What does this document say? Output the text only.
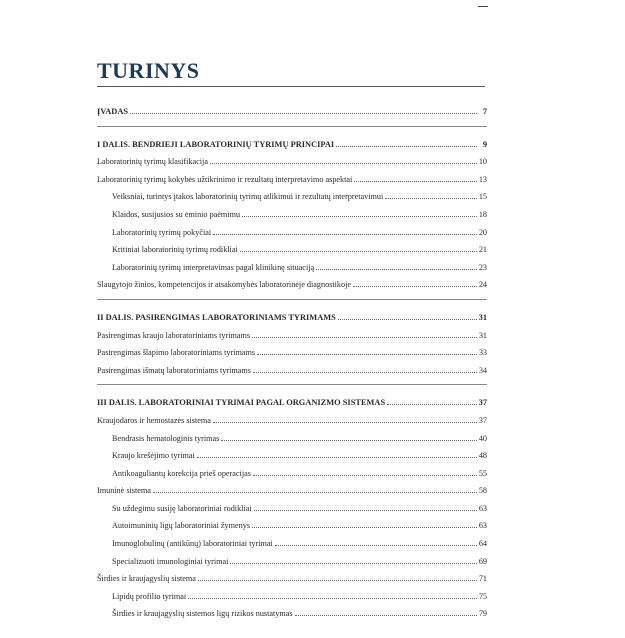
TURINYS
ĮVADAS	7
I DALIS. BENDRIEJI LABORATORINIŲ TYRIMŲ PRINCIPAI	9
Laboratorinių tyrimų klasifikacija	10
Laboratorinių tyrimų kokybės užtikrinimo ir rezultatų interpretavimo aspektai	13
Veiksniai, turintys įtakos laboratorinių tyrimų atlikimui ir rezultatų interpretavimui	15
Klaidos, susijusios su ėminio paėmimu	18
Laboratorinių tyrimų pokyčiai	20
Kritiniai laboratorinių tyrimų rodikliai	21
Laboratorinių tyrimų interpretavimas pagal klinikinę situaciją	23
Slaugytojo žinios, kompetencijos ir atsakomybės laboratorinėje diagnostikoje	24
II DALIS. PASIRENGIMAS LABORATORINIAMS TYRIMAMS	31
Pasirengimas kraujo laboratoriniams tyrimams	31
Pasirengimas šlapimo laboratoriniams tyrimams	33
Pasirengimas išmatų laboratoriniams tyrimams	34
III DALIS. LABORATORINIAI TYRIMAI PAGAL ORGANIZMO SISTEMAS	37
Kraujodaros ir hemostazės sistema	37
Bendrasis hematologinis tyrimas	40
Kraujo krešėjimo tyrimai	48
Antikoaguliantų korekcija prieš operacijas	55
Imuninė sistema	58
Su uždegimu susiję laboratoriniai rodikliai	63
Autoimuninių ligų laboratoriniai žymenys	63
Imunoglobulinų (antikūnų) laboratoriniai tyrimai	64
Specializuoti imunologiniai tyrimai	69
Širdies ir kraujagyslių sistema	71
Lipidų profilio tyrimai	75
Širdies ir kraujagyslių sistemos ligų rizikos nustatymas	79
